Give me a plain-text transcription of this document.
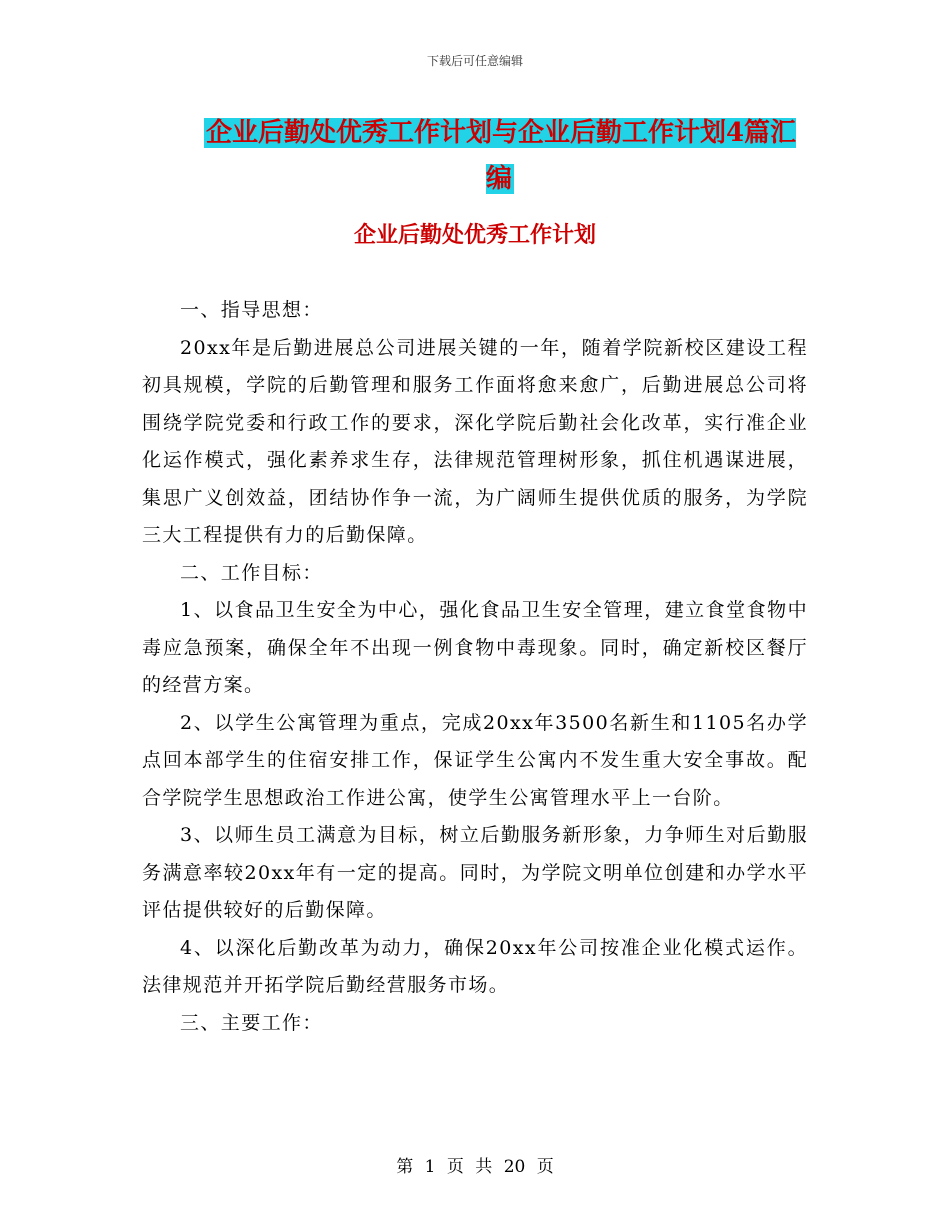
下载后可任意编辑
企业后勤处优秀工作计划与企业后勤工作计划4篇汇编
企业后勤处优秀工作计划

一、指导思想：

20xx年是后勤进展总公司进展关键的一年，随着学院新校区建设工程初具规模，学院的后勤管理和服务工作面将愈来愈广，后勤进展总公司将围绕学院党委和行政工作的要求，深化学院后勤社会化改革，实行准企业化运作模式，强化素养求生存，法律规范管理树形象，抓住机遇谋进展，集思广义创效益，团结协作争一流，为广阔师生提供优质的服务，为学院三大工程提供有力的后勤保障。

二、工作目标：

1、以食品卫生安全为中心，强化食品卫生安全管理，建立食堂食物中毒应急预案，确保全年不出现一例食物中毒现象。同时，确定新校区餐厅的经营方案。

2、以学生公寓管理为重点，完成20xx年3500名新生和1105名办学点回本部学生的住宿安排工作，保证学生公寓内不发生重大安全事故。配合学院学生思想政治工作进公寓，使学生公寓管理水平上一台阶。

3、以师生员工满意为目标，树立后勤服务新形象，力争师生对后勤服务满意率较20xx年有一定的提高。同时，为学院文明单位创建和办学水平评估提供较好的后勤保障。

4、以深化后勤改革为动力，确保20xx年公司按准企业化模式运作。法律规范并开拓学院后勤经营服务市场。

三、主要工作：

第 1 页 共 20 页
